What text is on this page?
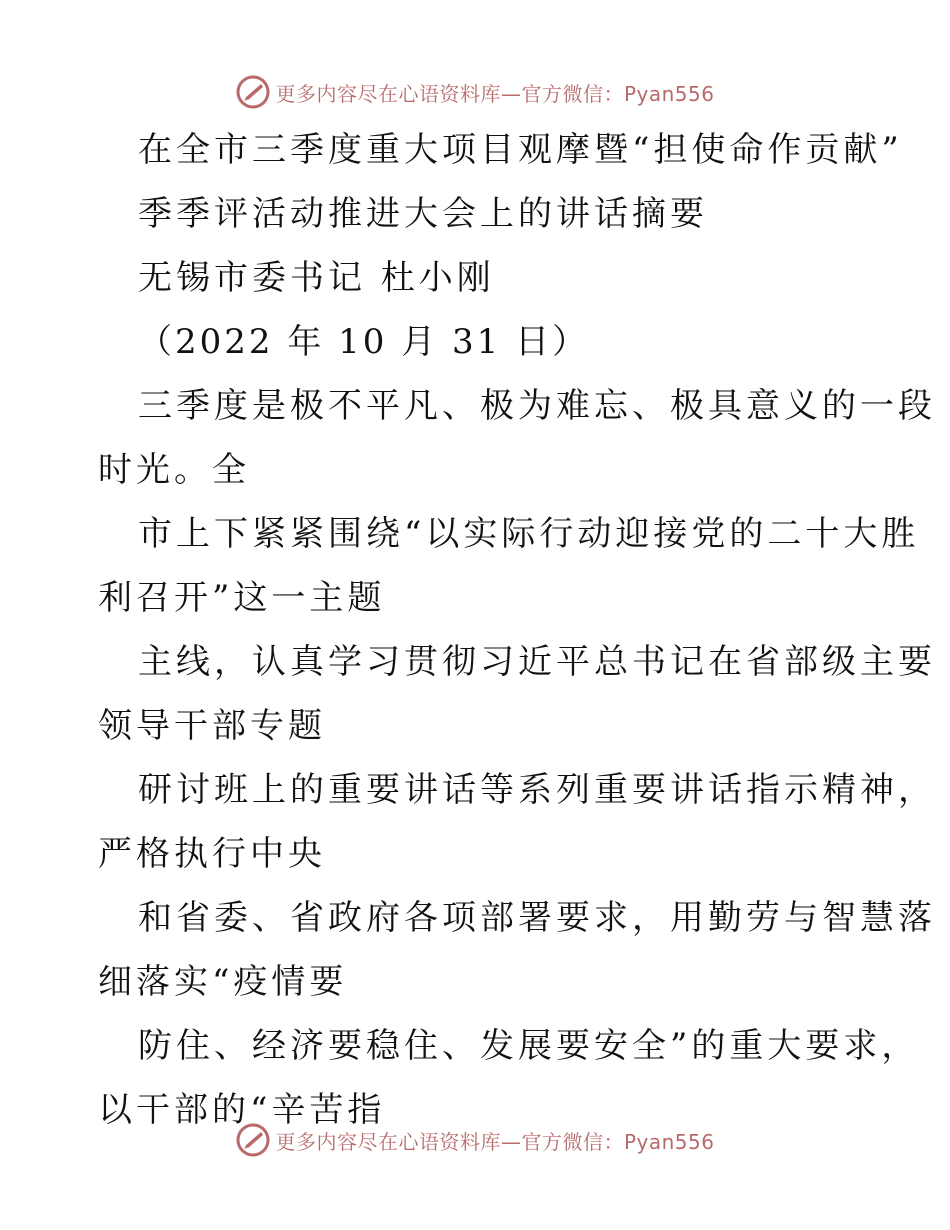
更多内容尽在心语资料库—官方微信：Pyan556
在全市三季度重大项目观摩暨“担使命作贡献”
季季评活动推进大会上的讲话摘要
无锡市委书记 杜小刚
（2022 年 10 月 31 日）
三季度是极不平凡、极为难忘、极具意义的一段
时光。全
市上下紧紧围绕“以实际行动迎接党的二十大胜
利召开”这一主题
主线，认真学习贯彻习近平总书记在省部级主要
领导干部专题
研讨班上的重要讲话等系列重要讲话指示精神，
严格执行中央
和省委、省政府各项部署要求，用勤劳与智慧落
细落实“疫情要
防住、经济要稳住、发展要安全”的重大要求，
以干部的“辛苦指
更多内容尽在心语资料库—官方微信：Pyan556
